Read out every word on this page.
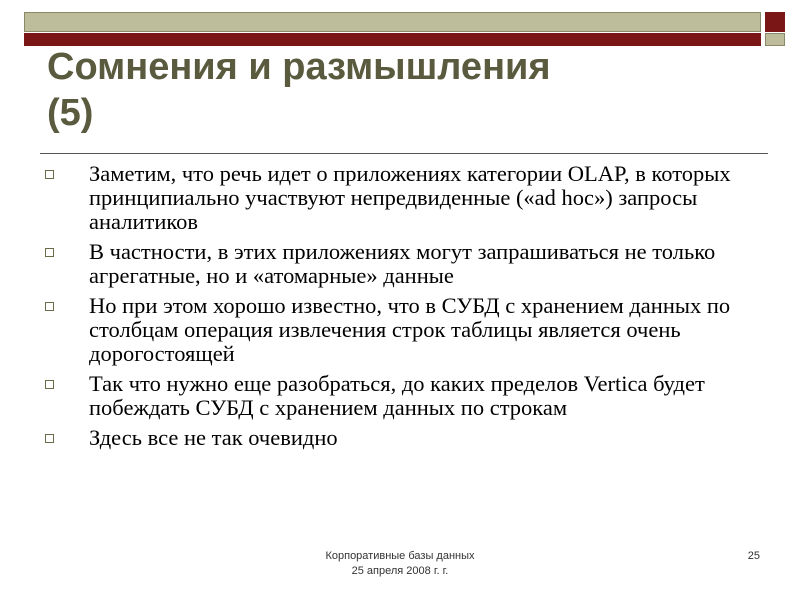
Сомнения и размышления
(5)
Заметим, что речь идет о приложениях категории OLAP, в которых принципиально участвуют непредвиденные («ad hoc») запросы аналитиков
В частности, в этих приложениях могут запрашиваться не только агрегатные, но и «атомарные» данные
Но при этом хорошо известно, что в СУБД с хранением данных по столбцам операция извлечения строк таблицы является очень дорогостоящей
Так что нужно еще разобраться, до каких пределов Vertica будет побеждать СУБД с хранением данных по строкам
Здесь все не так очевидно
Корпоративные базы данных
25 апреля 2008 г. г.
25
